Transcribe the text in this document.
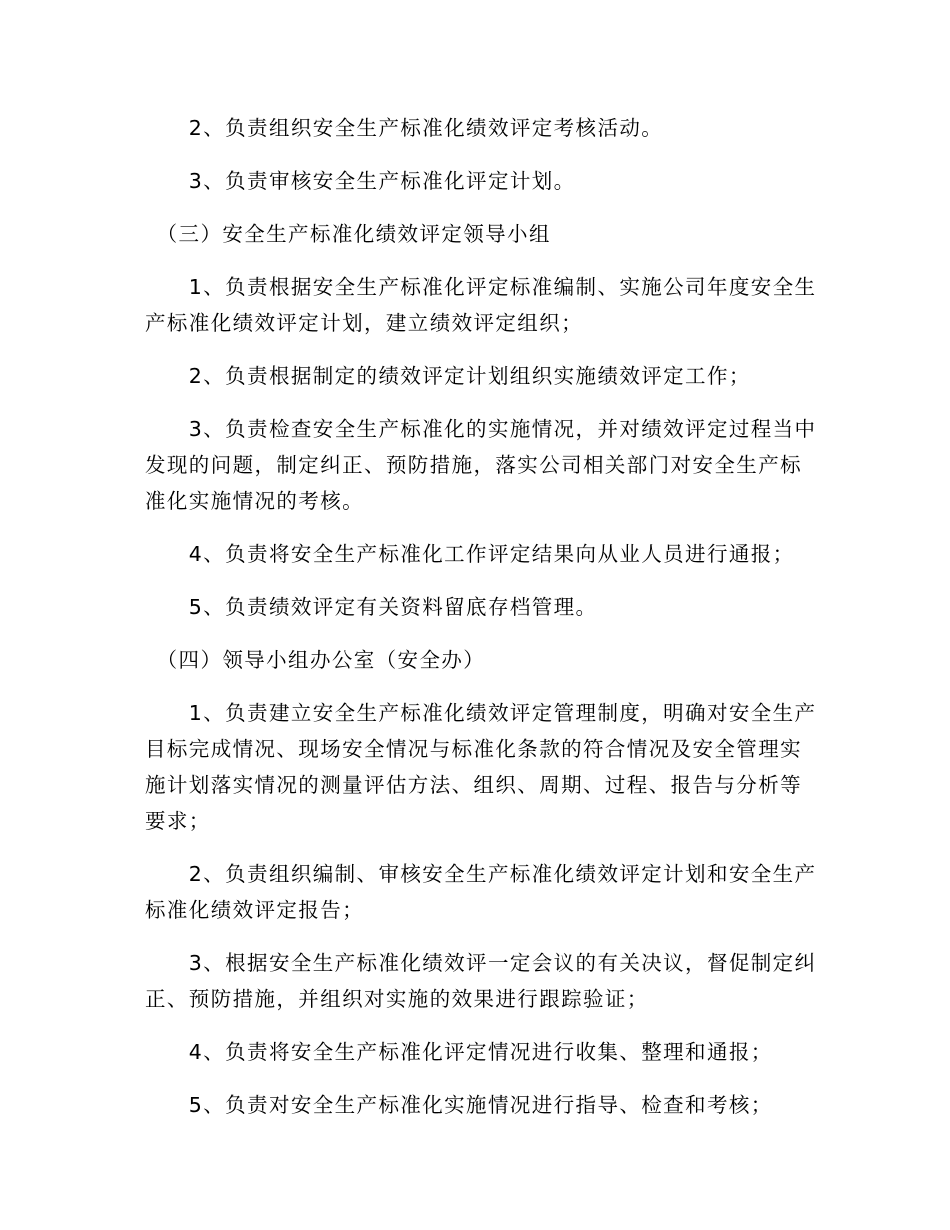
　　2、负责组织安全生产标准化绩效评定考核活动。
　　3、负责审核安全生产标准化评定计划。
　（三）安全生产标准化绩效评定领导小组
　　1、负责根据安全生产标准化评定标准编制、实施公司年度安全生
产标准化绩效评定计划，建立绩效评定组织；
　　2、负责根据制定的绩效评定计划组织实施绩效评定工作；
　　3、负责检查安全生产标准化的实施情况，并对绩效评定过程当中
发现的问题，制定纠正、预防措施，落实公司相关部门对安全生产标
准化实施情况的考核。
　　4、负责将安全生产标准化工作评定结果向从业人员进行通报；
　　5、负责绩效评定有关资料留底存档管理。
　（四）领导小组办公室（安全办）
　　1、负责建立安全生产标准化绩效评定管理制度，明确对安全生产
目标完成情况、现场安全情况与标准化条款的符合情况及安全管理实
施计划落实情况的测量评估方法、组织、周期、过程、报告与分析等
要求；
　　2、负责组织编制、审核安全生产标准化绩效评定计划和安全生产
标准化绩效评定报告；
　　3、根据安全生产标准化绩效评一定会议的有关决议，督促制定纠
正、预防措施，并组织对实施的效果进行跟踪验证；
　　4、负责将安全生产标准化评定情况进行收集、整理和通报；
　　5、负责对安全生产标准化实施情况进行指导、检查和考核；
